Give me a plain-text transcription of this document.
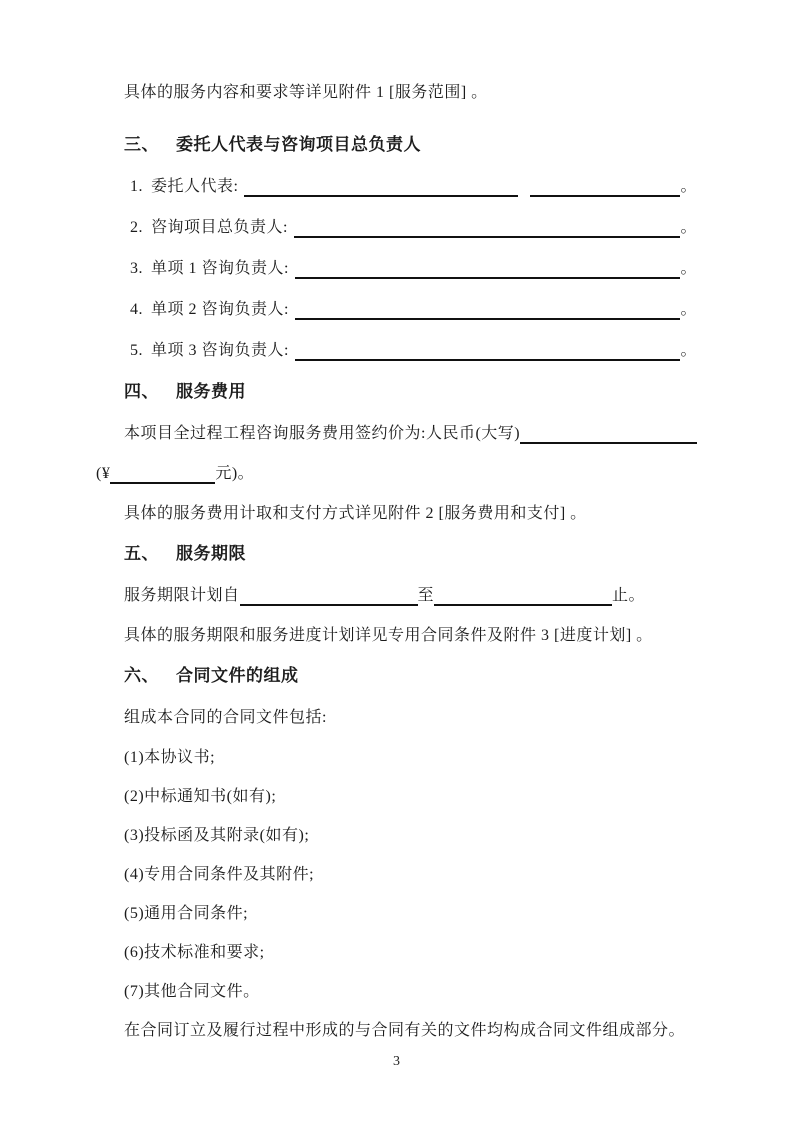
具体的服务内容和要求等详见附件 1 [服务范围] 。

三、 委托人代表与咨询项目总负责人
1. 委托人代表:	。
2. 咨询项目总负责人:	。
3. 单项 1 咨询负责人:	。
4. 单项 2 咨询负责人:	。
5. 单项 3 咨询负责人:	。
四、 服务费用
本项目全过程工程咨询服务费用签约价为:人民币(大写)
(¥	元)。

具体的服务费用计取和支付方式详见附件 2 [服务费用和支付] 。

五、 服务期限
服务期限计划自	至	止。

具体的服务期限和服务进度计划详见专用合同条件及附件 3 [进度计划] 。

六、 合同文件的组成

组成本合同的合同文件包括:

(1)本协议书;

(2)中标通知书(如有);

(3)投标函及其附录(如有);

(4)专用合同条件及其附件;

(5)通用合同条件;

(6)技术标准和要求;

(7)其他合同文件。

在合同订立及履行过程中形成的与合同有关的文件均构成合同文件组成部分。

3
